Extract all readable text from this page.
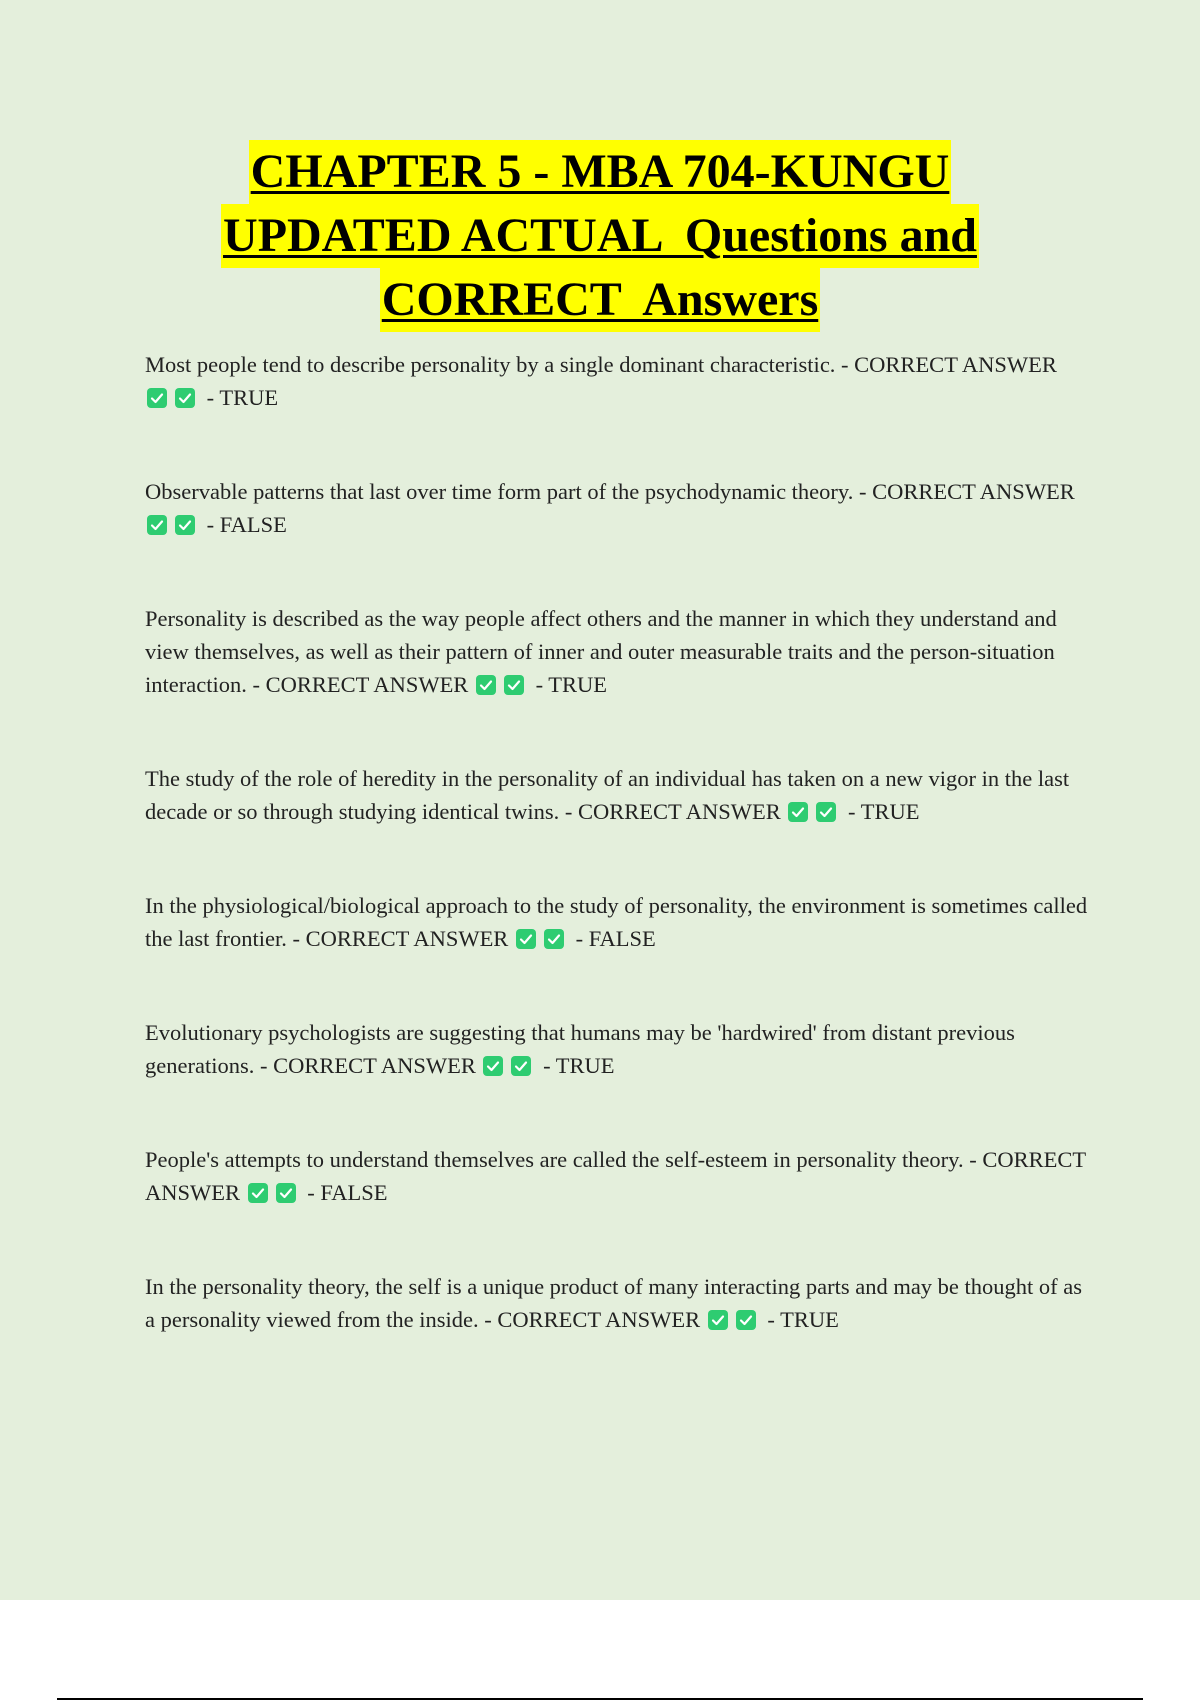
CHAPTER 5 - MBA 704-KUNGU
UPDATED ACTUAL  Questions and
CORRECT  Answers
Most people tend to describe personality by a single dominant characteristic. - CORRECT ANSWER
- TRUE
Observable patterns that last over time form part of the psychodynamic theory. - CORRECT ANSWER
- FALSE
Personality is described as the way people affect others and the manner in which they understand and view themselves, as well as their pattern of inner and outer measurable traits and the person-situation interaction. - CORRECT ANSWER	- TRUE
The study of the role of heredity in the personality of an individual has taken on a new vigor in the last decade or so through studying identical twins. - CORRECT ANSWER	- TRUE
In the physiological/biological approach to the study of personality, the environment is sometimes called the last frontier. - CORRECT ANSWER	- FALSE
Evolutionary psychologists are suggesting that humans may be 'hardwired' from distant previous generations. - CORRECT ANSWER	- TRUE
People's attempts to understand themselves are called the self-esteem in personality theory. - CORRECT ANSWER	- FALSE
In the personality theory, the self is a unique product of many interacting parts and may be thought of as a personality viewed from the inside. - CORRECT ANSWER	- TRUE
